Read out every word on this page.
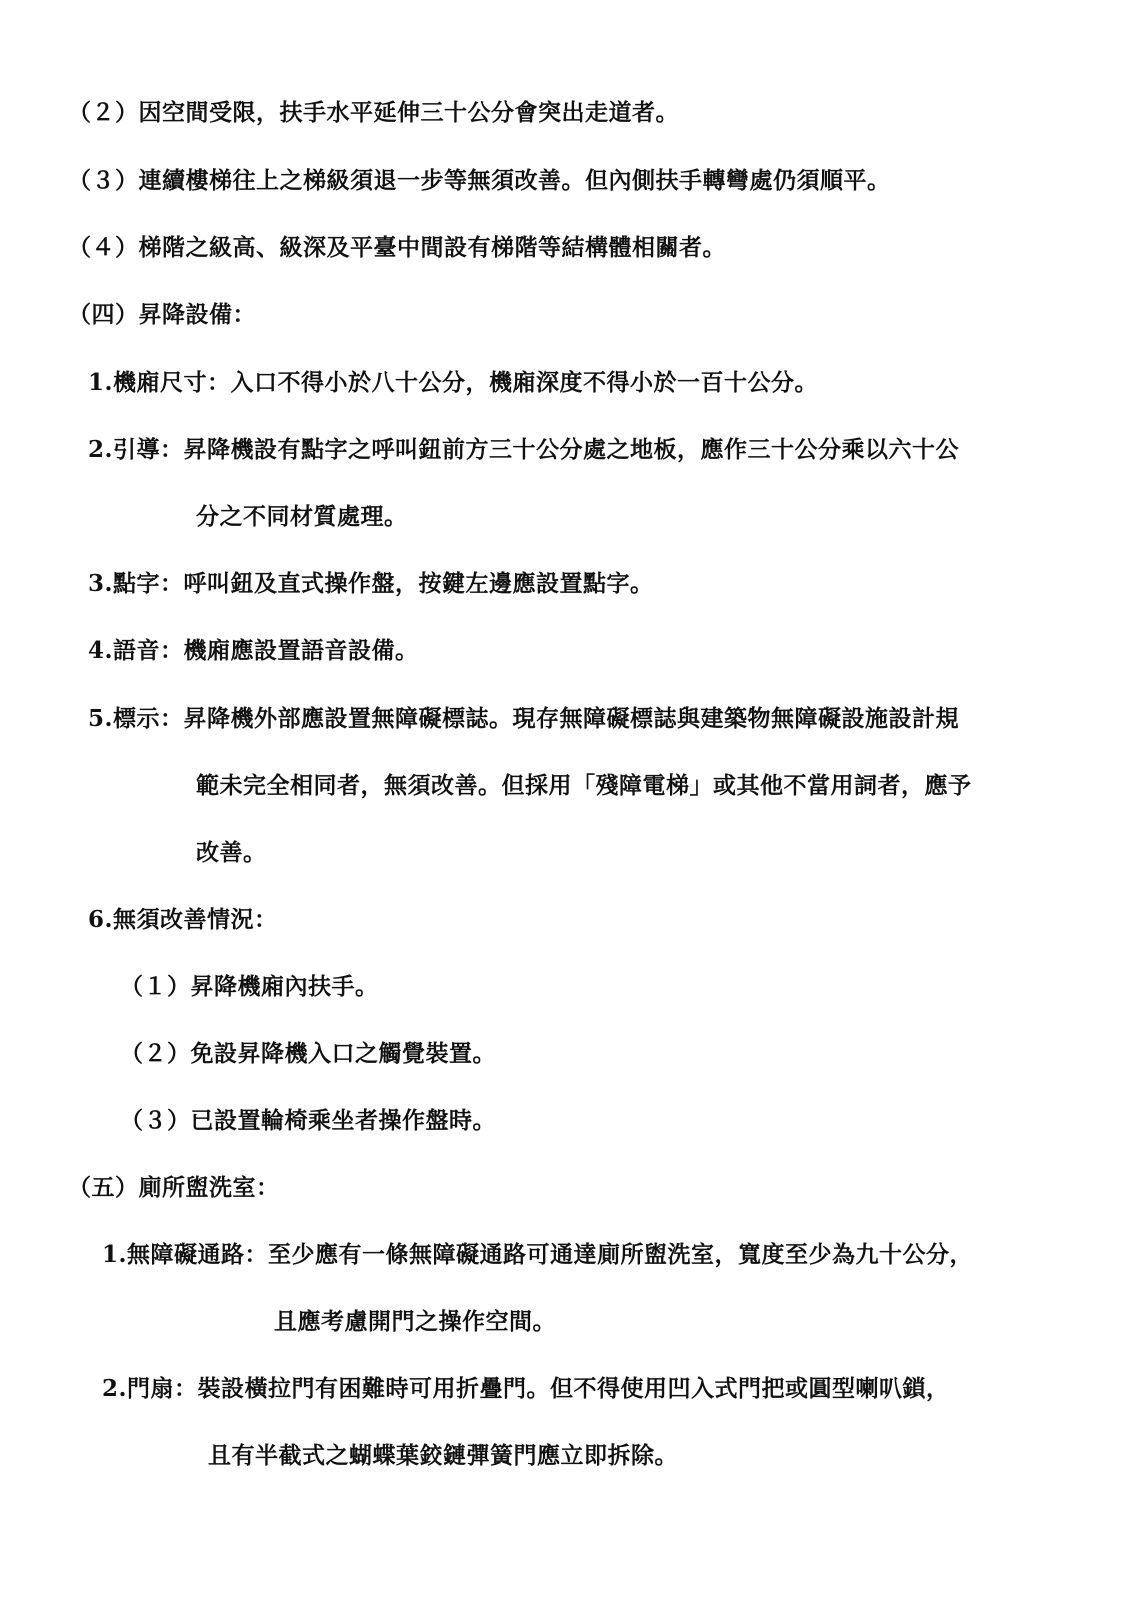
（２）因空間受限，扶手水平延伸三十公分會突出走道者。
（３）連續樓梯往上之梯級須退一步等無須改善。但內側扶手轉彎處仍須順平。
（４）梯階之級高、級深及平臺中間設有梯階等結構體相關者。
（四）昇降設備：
1.機廂尺寸：入口不得小於八十公分，機廂深度不得小於一百十公分。
2.引導：昇降機設有點字之呼叫鈕前方三十公分處之地板，應作三十公分乘以六十公
分之不同材質處理。
3.點字：呼叫鈕及直式操作盤，按鍵左邊應設置點字。
4.語音：機廂應設置語音設備。
5.標示：昇降機外部應設置無障礙標誌。現存無障礙標誌與建築物無障礙設施設計規
範未完全相同者，無須改善。但採用「殘障電梯」或其他不當用詞者，應予
改善。
6.無須改善情況：
（１）昇降機廂內扶手。
（２）免設昇降機入口之觸覺裝置。
（３）已設置輪椅乘坐者操作盤時。
（五）廁所盥洗室：
1.無障礙通路：至少應有一條無障礙通路可通達廁所盥洗室，寬度至少為九十公分，
且應考慮開門之操作空間。
2.門扇：裝設橫拉門有困難時可用折疊門。但不得使用凹入式門把或圓型喇叭鎖，
且有半截式之蝴蝶葉鉸鏈彈簧門應立即拆除。
